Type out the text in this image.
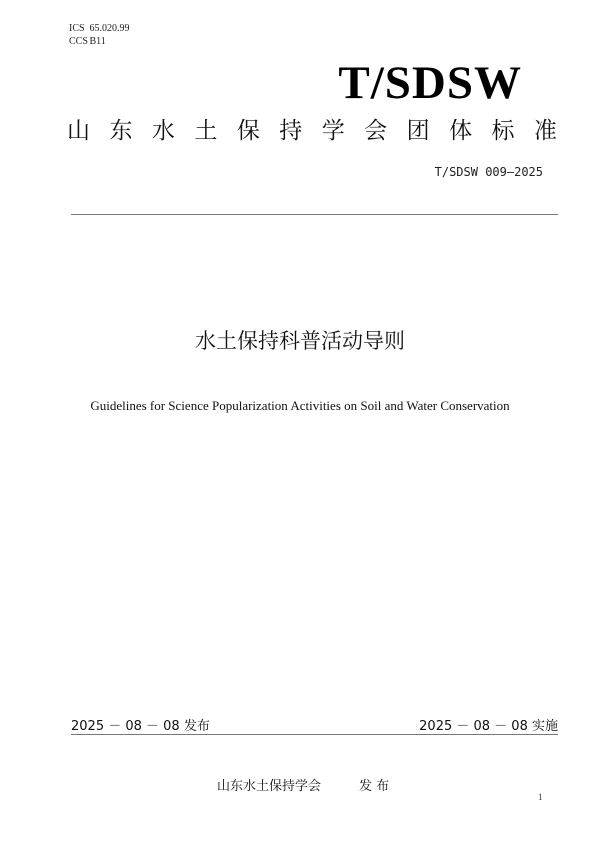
ICS 65.020.99
CCS B11
T/SDSW
山 东 水 土 保 持 学 会 团 体 标 准
T/SDSW 009—2025
水土保持科普活动导则
Guidelines for Science Popularization Activities on Soil and Water Conservation
2025 － 08 － 08 发布	2025 － 08 － 08 实施
山东水土保持学会	发 布
1
